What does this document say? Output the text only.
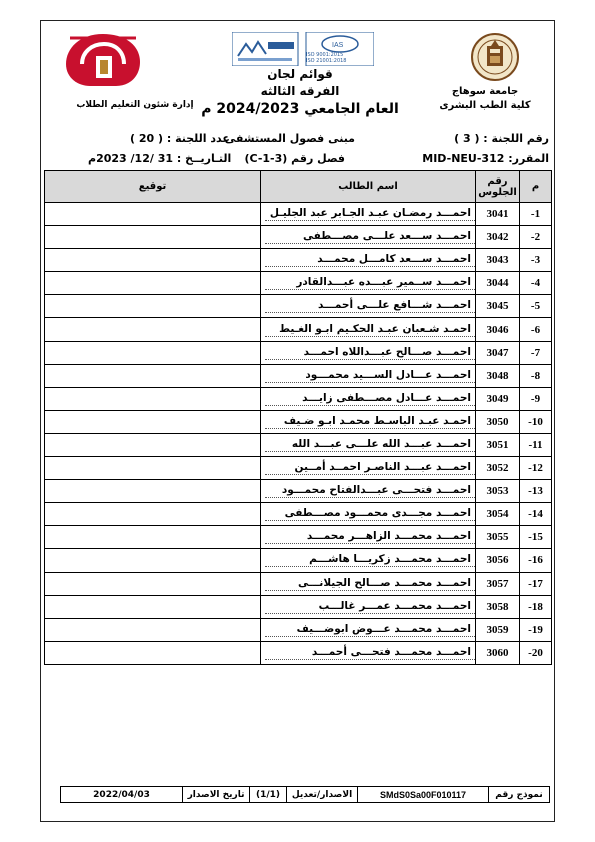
جامعة سوهاج
كلية الطب البشرى
IAS
ISO 9001:2015
ISO 21001:2018
إدارة شئون التعليم الطلاب
قوائم لجان
الفرقه الثالثه
العام الجامعي 2024/2023 م
رقم اللجنة : ( 3 )
مبنى فصول المستشفى
عدد اللجنة : ( 20 )
المقرر: MID-NEU-312
فصل رقم (C-1-3)
التـاريــخ : 31 /12/ 2023م
م	رقم الجلوس	اسم الطالب	توقيع
-1	3041	احمـــد رمضـان عبـد الجـابر عبد الجليـل	

-2	3042	احمـــد ســـعد علـــى مصـــطفى	

-3	3043	احمـــد ســـعد كامـــل محمـــد	

-4	3044	احمـــد ســمير عبـــده عبـــدالقادر	

-5	3045	احمـــد شـــافع علـــى أحمـــد	

-6	3046	احمـد شـعبان عبـد الحكـيم ابـو الغـيط	

-7	3047	احمـــد صـــالح عبـــداللاه احمـــد	

-8	3048	احمـــد عـــادل الســـيد محمـــود	

-9	3049	احمـــد عـــادل مصـــطفى زايـــد	

-10	3050	احمـد عبـد الباسـط محمـد ابـو ضـيف	

-11	3051	احمـــد عبـــد الله علـــى عبـــد الله	

-12	3052	احمـــد عبـــد الناصـر احمــد أمــين	

-13	3053	احمـــد فتحـــى عبـــدالفتاح محمـــود	

-14	3054	احمـــد مجـــدى محمـــود مصـــطفى	

-15	3055	احمـــد محمـــد الزاهـــر محمـــد	

-16	3056	احمـــد محمـــد زكريـــا هاشـــم	

-17	3057	احمـــد محمـــد صـــالح الجيلانـــى	

-18	3058	احمـــد محمـــد عمـــر غالـــب	

-19	3059	احمـــد محمـــد عـــوض ابوضـــيف	

-20	3060	احمـــد محمـــد فتحـــى أحمـــد	

نموذج رقم
SMdS0Sa00F010117
الاصدار/تعديل
(1/1)
تاريخ الاصدار
2022/04/03
